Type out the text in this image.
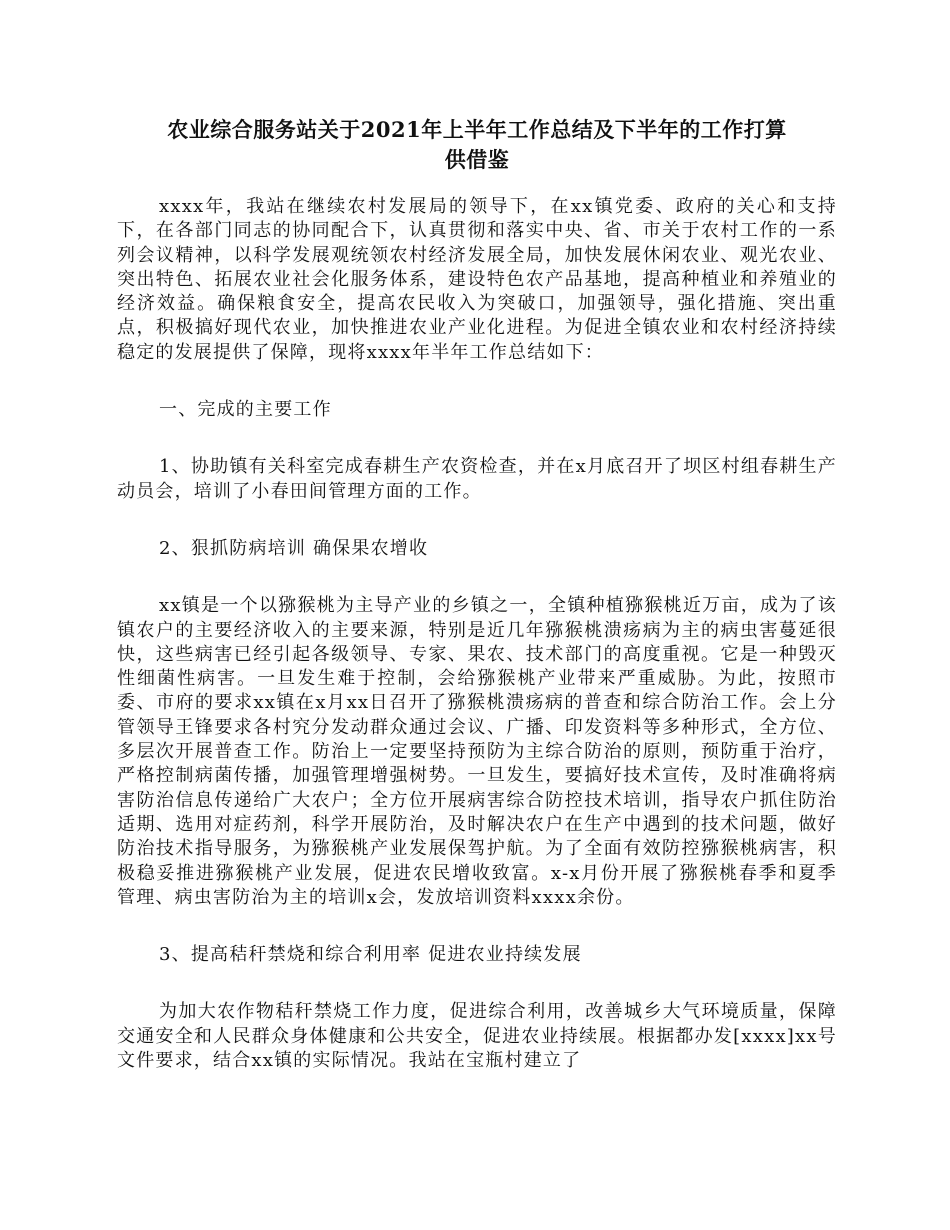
农业综合服务站关于2021年上半年工作总结及下半年的工作打算
供借鉴

xxxx年，我站在继续农村发展局的领导下，在xx镇党委、政府的关心和支持下，在各部门同志的协同配合下，认真贯彻和落实中央、省、市关于农村工作的一系列会议精神，以科学发展观统领农村经济发展全局，加快发展休闲农业、观光农业、突出特色、拓展农业社会化服务体系，建设特色农产品基地，提高种植业和养殖业的经济效益。确保粮食安全，提高农民收入为突破口，加强领导，强化措施、突出重点，积极搞好现代农业，加快推进农业产业化进程。为促进全镇农业和农村经济持续稳定的发展提供了保障，现将xxxx年半年工作总结如下：

一、完成的主要工作

1、协助镇有关科室完成春耕生产农资检查，并在x月底召开了坝区村组春耕生产动员会，培训了小春田间管理方面的工作。

2、狠抓防病培训 确保果农增收

xx镇是一个以猕猴桃为主导产业的乡镇之一，全镇种植猕猴桃近万亩，成为了该镇农户的主要经济收入的主要来源，特别是近几年猕猴桃溃疡病为主的病虫害蔓延很快，这些病害已经引起各级领导、专家、果农、技术部门的高度重视。它是一种毁灭性细菌性病害。一旦发生难于控制，会给猕猴桃产业带来严重威胁。为此，按照市委、市府的要求xx镇在x月xx日召开了猕猴桃溃疡病的普查和综合防治工作。会上分管领导王锋要求各村究分发动群众通过会议、广播、印发资料等多种形式，全方位、多层次开展普查工作。防治上一定要坚持预防为主综合防治的原则，预防重于治疗，严格控制病菌传播，加强管理增强树势。一旦发生，要搞好技术宣传，及时准确将病害防治信息传递给广大农户；全方位开展病害综合防控技术培训，指导农户抓住防治适期、选用对症药剂，科学开展防治，及时解决农户在生产中遇到的技术问题，做好防治技术指导服务，为猕猴桃产业发展保驾护航。为了全面有效防控猕猴桃病害，积极稳妥推进猕猴桃产业发展，促进农民增收致富。x-x月份开展了猕猴桃春季和夏季管理、病虫害防治为主的培训x会，发放培训资料xxxx余份。

3、提高秸秆禁烧和综合利用率 促进农业持续发展

为加大农作物秸秆禁烧工作力度，促进综合利用，改善城乡大气环境质量，保障交通安全和人民群众身体健康和公共安全，促进农业持续展。根据都办发[xxxx]xx号文件要求，结合xx镇的实际情况。我站在宝瓶村建立了
